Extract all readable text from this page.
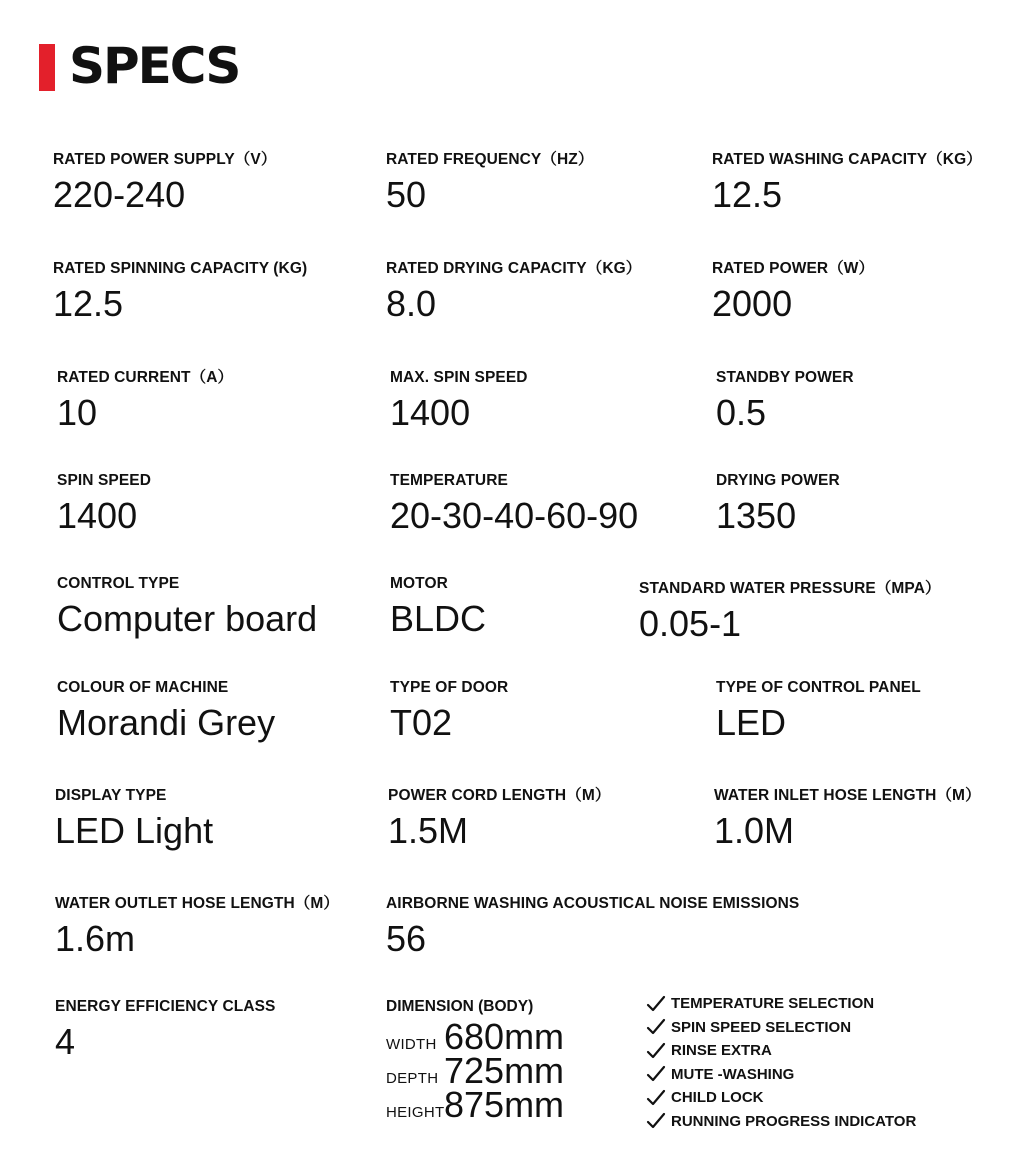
SPECS
RATED POWER SUPPLY（V）
220-240
RATED FREQUENCY（HZ）
50
RATED WASHING CAPACITY（KG）
12.5
RATED SPINNING CAPACITY (KG)
12.5
RATED DRYING CAPACITY（KG）
8.0
RATED POWER（W）
2000
RATED CURRENT（A）
10
MAX. SPIN SPEED
1400
STANDBY POWER
0.5
SPIN SPEED
1400
TEMPERATURE
20-30-40-60-90
DRYING POWER
1350
CONTROL TYPE
Computer board
MOTOR
BLDC
STANDARD WATER PRESSURE（MPA）
0.05-1
COLOUR OF MACHINE
Morandi Grey
TYPE OF DOOR
T02
TYPE OF CONTROL PANEL
LED
DISPLAY TYPE
LED Light
POWER CORD LENGTH（M）
1.5M
WATER INLET HOSE LENGTH（M）
1.0M
WATER OUTLET HOSE LENGTH（M）
1.6m
AIRBORNE WASHING ACOUSTICAL NOISE EMISSIONS
56
ENERGY EFFICIENCY CLASS
4
DIMENSION (BODY)
WIDTH 680mm
DEPTH 725mm
HEIGHT 875mm
TEMPERATURE SELECTION
SPIN SPEED SELECTION
RINSE EXTRA
MUTE -WASHING
CHILD LOCK
RUNNING PROGRESS INDICATOR
